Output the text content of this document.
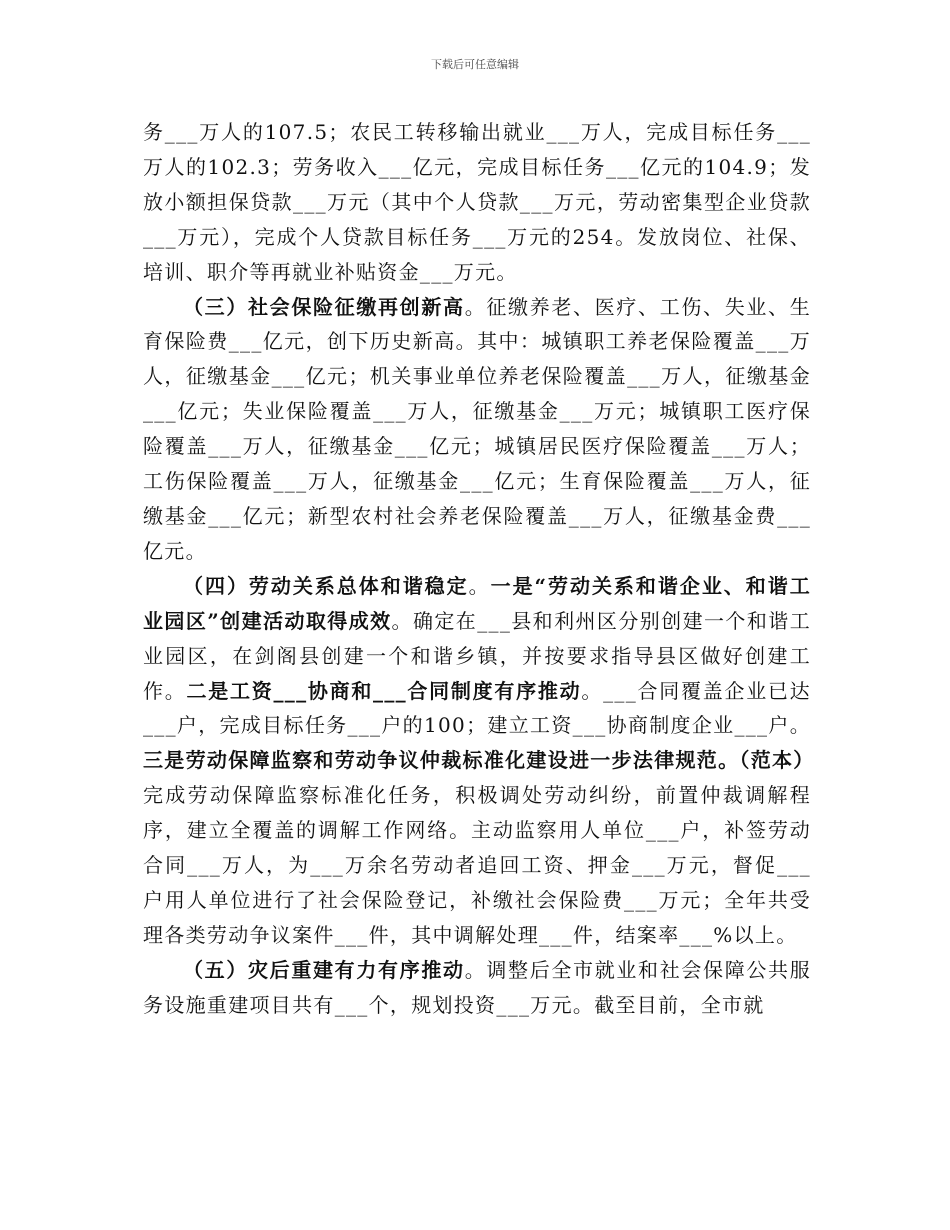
下载后可任意编辑

务___万人的107.5；农民工转移输出就业___万人，完成目标任务___万人的102.3；劳务收入___亿元，完成目标任务___亿元的104.9；发放小额担保贷款___万元（其中个人贷款___万元，劳动密集型企业贷款___万元），完成个人贷款目标任务___万元的254。发放岗位、社保、培训、职介等再就业补贴资金___万元。

（三）社会保险征缴再创新高。征缴养老、医疗、工伤、失业、生育保险费___亿元，创下历史新高。其中：城镇职工养老保险覆盖___万人，征缴基金___亿元；机关事业单位养老保险覆盖___万人，征缴基金___亿元；失业保险覆盖___万人，征缴基金___万元；城镇职工医疗保险覆盖___万人，征缴基金___亿元；城镇居民医疗保险覆盖___万人；工伤保险覆盖___万人，征缴基金___亿元；生育保险覆盖___万人，征缴基金___亿元；新型农村社会养老保险覆盖___万人，征缴基金费___亿元。

（四）劳动关系总体和谐稳定。一是“劳动关系和谐企业、和谐工业园区”创建活动取得成效。确定在___县和利州区分别创建一个和谐工业园区，在剑阁县创建一个和谐乡镇，并按要求指导县区做好创建工作。二是工资___协商和___合同制度有序推动。___合同覆盖企业已达___户，完成目标任务___户的100；建立工资___协商制度企业___户。三是劳动保障监察和劳动争议仲裁标准化建设进一步法律规范。（范本）完成劳动保障监察标准化任务，积极调处劳动纠纷，前置仲裁调解程序，建立全覆盖的调解工作网络。主动监察用人单位___户，补签劳动合同___万人，为___万余名劳动者追回工资、押金___万元，督促___户用人单位进行了社会保险登记，补缴社会保险费___万元；全年共受理各类劳动争议案件___件，其中调解处理___件，结案率___%以上。

（五）灾后重建有力有序推动。调整后全市就业和社会保障公共服务设施重建项目共有___个，规划投资___万元。截至目前，全市就
